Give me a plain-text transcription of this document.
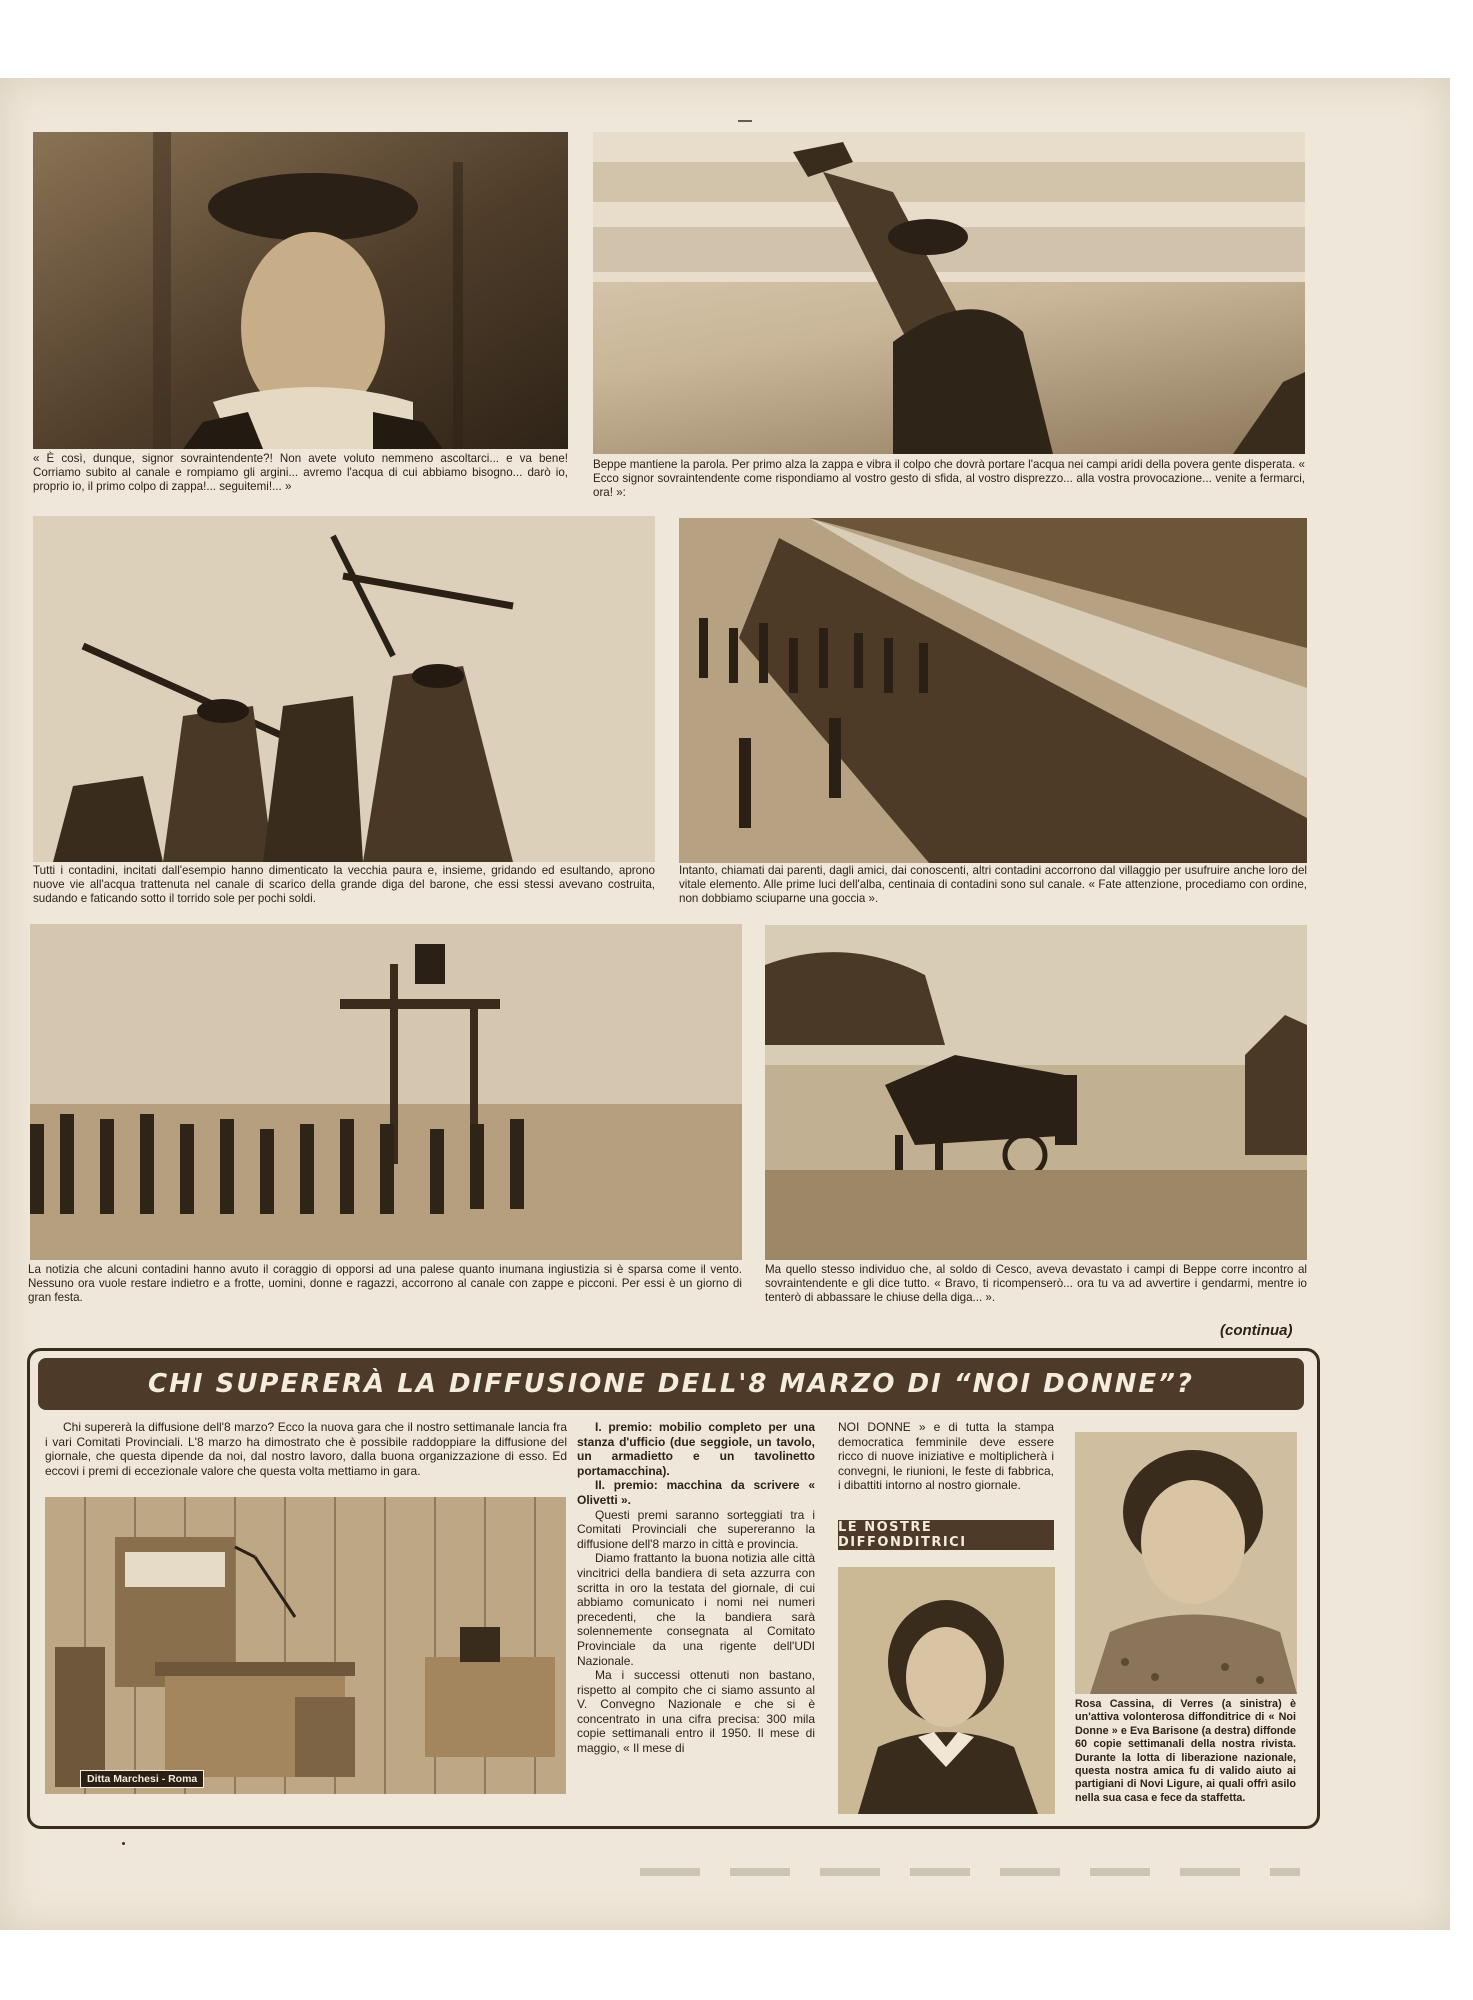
« È così, dunque, signor sovraintendente?! Non avete voluto nemmeno ascoltarci... e va bene! Corriamo subito al canale e rompiamo gli argini... avremo l'acqua di cui abbiamo bisogno... darò io, proprio io, il primo colpo di zappa!... seguitemi!... »

Beppe mantiene la parola. Per primo alza la zappa e vibra il colpo che dovrà portare l'acqua nei campi aridi della povera gente disperata. « Ecco signor sovraintendente come rispondiamo al vostro gesto di sfida, al vostro disprezzo... alla vostra provocazione... venite a fermarci, ora! »:

Tutti i contadini, incitati dall'esempio hanno dimenticato la vecchia paura e, insieme, gridando ed esultando, aprono nuove vie all'acqua trattenuta nel canale di scarico della grande diga del barone, che essi stessi avevano costruita, sudando e faticando sotto il torrido sole per pochi soldi.

Intanto, chiamati dai parenti, dagli amici, dai conoscenti, altri contadini accorrono dal villaggio per usufruire anche loro del vitale elemento. Alle prime luci dell'alba, centinaia di contadini sono sul canale. « Fate attenzione, procediamo con ordine, non dobbiamo sciuparne una goccia ».

La notizia che alcuni contadini hanno avuto il coraggio di opporsi ad una palese quanto inumana ingiustizia si è sparsa come il vento. Nessuno ora vuole restare indietro e a frotte, uomini, donne e ragazzi, accorrono al canale con zappe e picconi. Per essi è un giorno di gran festa.

Ma quello stesso individuo che, al soldo di Cesco, aveva devastato i campi di Beppe corre incontro al sovraintendente e gli dice tutto. « Bravo, ti ricompenserò... ora tu va ad avvertire i gendarmi, mentre io tenterò di abbassare le chiuse della diga... ».

(continua)
CHI SUPERERÀ LA DIFFUSIONE DELL'8 MARZO DI “NOI DONNE”?

Chi supererà la diffusione dell'8 marzo? Ecco la nuova gara che il nostro settimanale lancia fra i vari Comitati Provinciali. L'8 marzo ha dimostrato che è possibile raddoppiare la diffusione del giornale, che questa dipende da noi, dal nostro lavoro, dalla buona organizzazione di esso. Ed eccovi i premi di eccezionale valore che questa volta mettiamo in gara.

Ditta Marchesi - Roma

I. premio: mobilio completo per una stanza d'ufficio (due seggiole, un tavolo, un armadietto e un tavolinetto portamacchina).

II. premio: macchina da scrivere « Olivetti ».

Questi premi saranno sorteggiati tra i Comitati Provinciali che supereranno la diffusione dell'8 marzo in città e provincia.

Diamo frattanto la buona notizia alle città vincitrici della bandiera di seta azzurra con scritta in oro la testata del giornale, di cui abbiamo comunicato i nomi nei numeri precedenti, che la bandiera sarà solennemente consegnata al Comitato Provinciale da una rigente dell'UDI Nazionale.

Ma i successi ottenuti non bastano, rispetto al compito che ci siamo assunto al V. Convegno Nazionale e che si è concentrato in una cifra precisa: 300 mila copie settimanali entro il 1950. Il mese di maggio, « Il mese di

NOI DONNE » e di tutta la stampa democratica femminile deve essere ricco di nuove iniziative e moltiplicherà i convegni, le riunioni, le feste di fabbrica, i dibattiti intorno al nostro giornale.

LE NOSTRE DIFFONDITRICI

Rosa Cassina, di Verres (a sinistra) è un'attiva volonterosa diffonditrice di « Noi Donne » e Eva Barisone (a destra) diffonde 60 copie settimanali della nostra rivista. Durante la lotta di liberazione nazionale, questa nostra amica fu di valido aiuto ai partigiani di Novi Ligure, ai quali offrì asilo nella sua casa e fece da staffetta.
